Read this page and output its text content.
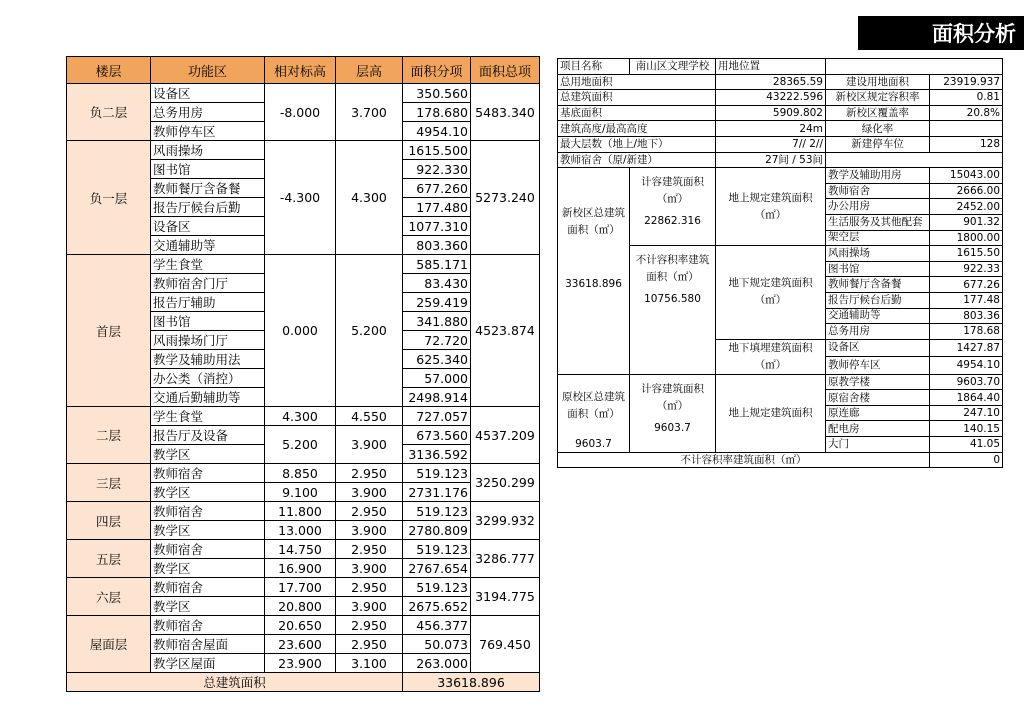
面积分析
楼层	功能区	相对标高	层高	面积分项	面积总项
负二层	设备区	-8.000	3.700	350.560	5483.340
	总务用房			178.680	
	教师停车区			4954.10	
负一层	风雨操场	-4.300	4.300	1615.500	5273.240
	图书馆			922.330	
	教师餐厅含备餐			677.260	
	报告厅候台后勤			177.480	
	设备区			1077.310	
	交通辅助等			803.360	
首层	学生食堂	0.000	5.200	585.171	4523.874
	教师宿舍门厅			83.430	
	报告厅辅助			259.419	
	图书馆			341.880	
	风雨操场门厅			72.720	
	教学及辅助用法			625.340	
	办公类（消控）			57.000	
	交通后勤辅助等			2498.914	
二层	学生食堂	4.300	4.550	727.057	4537.209
	报告厅及设备	5.200	3.900	673.560	
	教学区			3136.592	
三层	教师宿舍	8.850	2.950	519.123	3250.299
	教学区	9.100	3.900	2731.176	
四层	教师宿舍	11.800	2.950	519.123	3299.932
	教学区	13.000	3.900	2780.809	
五层	教师宿舍	14.750	2.950	519.123	3286.777
	教学区	16.900	3.900	2767.654	
六层	教师宿舍	17.700	2.950	519.123	3194.775
	教学区	20.800	3.900	2675.652	
屋面层	教师宿舍	20.650	2.950	456.377	769.450
	教师宿舍屋面	23.600	2.950	50.073	
	教学区屋面	23.900	3.100	263.000	
总建筑面积				33618.896	
项目名称	南山区文理学校	用地位置		
总用地面积		28365.59	建设用地面积	23919.937
总建筑面积		43222.596	新校区规定容积率	0.81
基底面积		5909.802	新校区覆盖率	20.8%
建筑高度/最高高度		24m	绿化率	
最大层数（地上/地下）		7// 2//	新建停车位	128
教师宿舍（原/新建）		27间 / 53间		
新校区总建筑面积（㎡）	计容建筑面积（㎡）	地上规定建筑面积（㎡）	教学及辅助用房	15043.00
			教师宿舍	2666.00
			办公用房	2452.00
	22862.316		生活服务及其他配套	901.32
			架空层	1800.00
	不计容积率建筑面积（㎡）	地下规定建筑面积（㎡）	风雨操场	1615.50
			图书馆	922.33
33618.896			教师餐厅含备餐	677.26
	10756.580		报告厅候台后勤	177.48
			交通辅助等	803.36
			总务用房	178.68
		地下填埋建筑面积（㎡）	设备区	1427.87
			教师停车区	4954.10
原校区总建筑面积（㎡）	计容建筑面积（㎡）	地上规定建筑面积	原教学楼	9603.70
			原宿舍楼	1864.40
			原连廊	247.10
	9603.7		配电房	140.15
9603.7			大门	41.05
不计容积率建筑面积（㎡）				0
